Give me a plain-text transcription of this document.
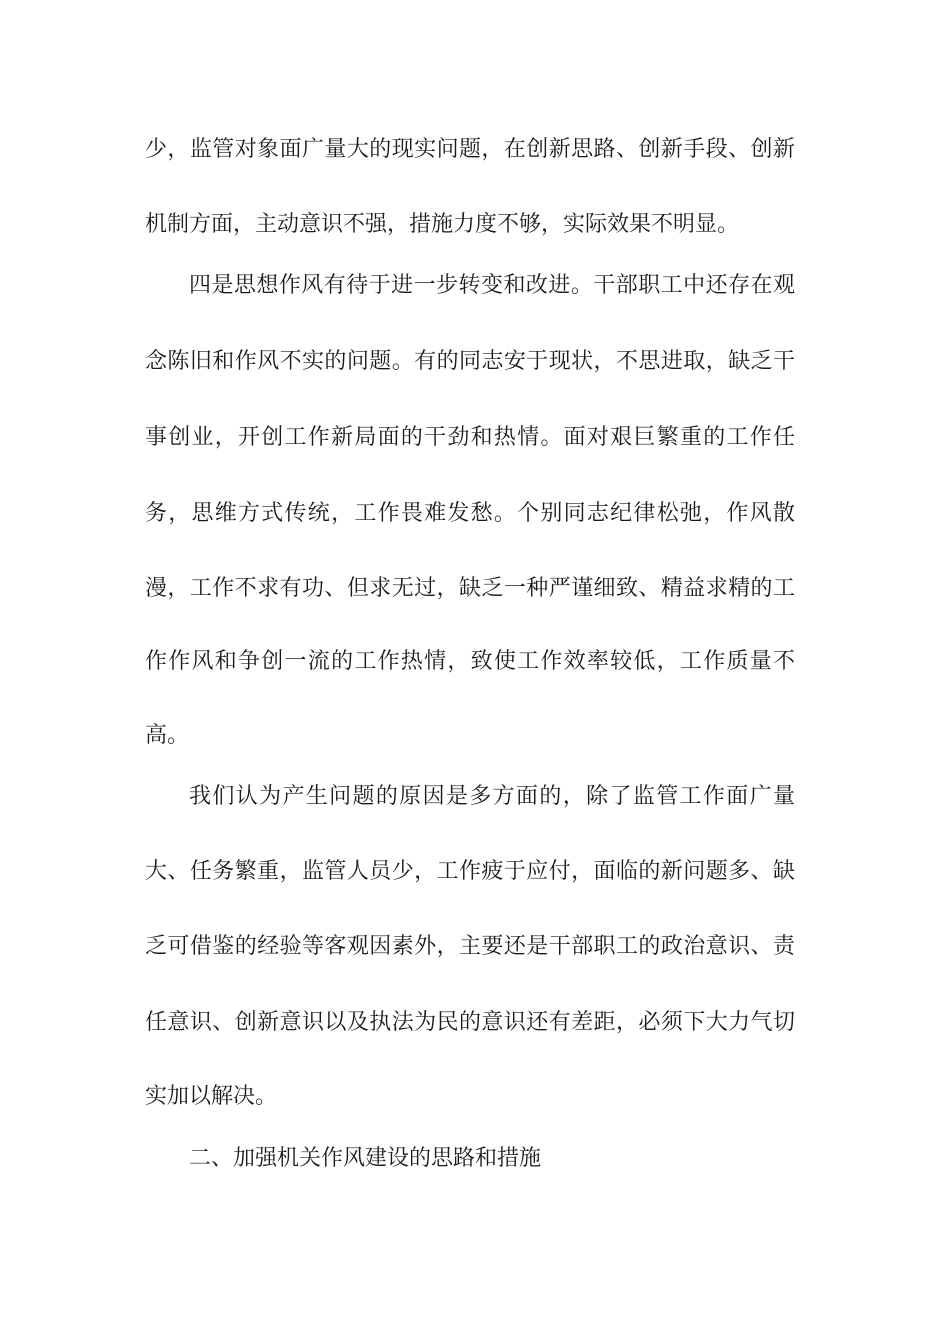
少，监管对象面广量大的现实问题，在创新思路、创新手段、创新
机制方面，主动意识不强，措施力度不够，实际效果不明显。
四是思想作风有待于进一步转变和改进。干部职工中还存在观
念陈旧和作风不实的问题。有的同志安于现状，不思进取，缺乏干
事创业，开创工作新局面的干劲和热情。面对艰巨繁重的工作任
务，思维方式传统，工作畏难发愁。个别同志纪律松弛，作风散
漫，工作不求有功、但求无过，缺乏一种严谨细致、精益求精的工
作作风和争创一流的工作热情，致使工作效率较低，工作质量不
高。
我们认为产生问题的原因是多方面的，除了监管工作面广量
大、任务繁重，监管人员少，工作疲于应付，面临的新问题多、缺
乏可借鉴的经验等客观因素外，主要还是干部职工的政治意识、责
任意识、创新意识以及执法为民的意识还有差距，必须下大力气切
实加以解决。
二、加强机关作风建设的思路和措施
